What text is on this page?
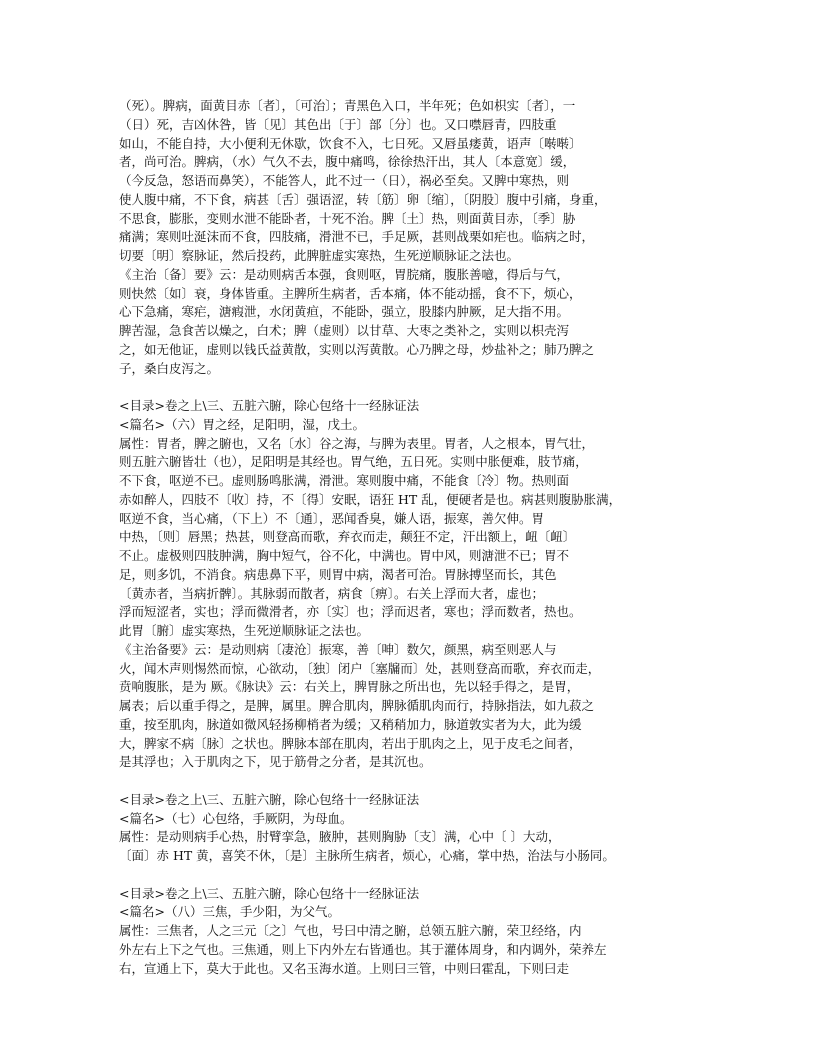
（死）。脾病，面黄目赤〔者〕，〔可治〕；青黑色入口，半年死；色如枳实〔者〕，一
（日）死，吉凶休咎，皆〔见〕其色出〔于〕部〔分〕也。又口噤唇青，四肢重
如山，不能自持，大小便利无休歇，饮食不入，七日死。又唇虽痿黄，语声〔啭啭〕
者，尚可治。脾病，（水）气久不去，腹中痛鸣，徐徐热汗出，其人〔本意宽〕缓，
（今反急，怒语而鼻笑），不能答人，此不过一（日），祸必至矣。又脾中寒热，则
使人腹中痛，不下食，病甚〔舌〕强语涩，转〔筋〕卵〔缩〕，〔阴股〕腹中引痛，身重，
不思食，膨胀，变则水泄不能卧者，十死不治。脾〔土〕热，则面黄目赤，〔季〕胁
痛满；寒则吐涎沫而不食，四肢痛，滑泄不已，手足厥，甚则战栗如疟也。临病之时，
切要〔明〕察脉证，然后投药，此脾脏虚实寒热，生死逆顺脉证之法也。
《主治〔备〕要》云：是动则病舌本强，食则呕，胃脘痛，腹胀善噫，得后与气，
则快然〔如〕衰，身体皆重。主脾所生病者，舌本痛，体不能动摇，食不下，烦心，
心下急痛，寒疟，溏瘕泄，水闭黄疸，不能卧，强立，股膝内肿厥，足大指不用。
脾苦湿，急食苦以燥之，白术；脾（虚则）以甘草、大枣之类补之，实则以枳壳泻
之，如无他证，虚则以钱氏益黄散，实则以泻黄散。心乃脾之母，炒盐补之；肺乃脾之
子，桑白皮泻之。
<目录>卷之上\三、五脏六腑，除心包络十一经脉证法
<篇名>（六）胃之经，足阳明，湿，戊土。
属性：胃者，脾之腑也，又名〔水〕谷之海，与脾为表里。胃者，人之根本，胃气壮，
则五脏六腑皆壮（也），足阳明是其经也。胃气绝，五日死。实则中胀便难，肢节痛，
不下食，呕逆不已。虚则肠鸣胀满，滑泄。寒则腹中痛，不能食〔冷〕物。热则面
赤如醉人，四肢不〔收〕持，不〔得〕安眠，语狂 HT 乱，便硬者是也。病甚则腹胁胀满，
呕逆不食，当心痛，（下上）不〔通〕，恶闻香臭，嫌人语，振寒，善欠伸。胃
中热，〔则〕唇黑；热甚，则登高而歌，弃衣而走，颠狂不定，汗出额上，衄〔衄〕
不止。虚极则四肢肿满，胸中短气，谷不化，中满也。胃中风，则溏泄不已；胃不
足，则多饥，不消食。病患鼻下平，则胃中病，渴者可治。胃脉搏坚而长，其色
〔黄赤者，当病折髀〕。其脉弱而散者，病食〔痹〕。右关上浮而大者，虚也；
浮而短涩者，实也；浮而微滑者，亦〔实〕也；浮而迟者，寒也；浮而数者，热也。
此胃〔腑〕虚实寒热，生死逆顺脉证之法也。
《主治备要》云：是动则病〔凄沧〕振寒，善〔呻〕数欠，颜黑，病至则恶人与
火，闻木声则惕然而惊，心欲动，〔独〕闭户〔塞牖而〕处，甚则登高而歌，弃衣而走，
贲响腹胀，是为 厥。《脉诀》云：右关上，脾胃脉之所出也，先以轻手得之，是胃，
属表；后以重手得之，是脾，属里。脾合肌肉，脾脉循肌肉而行，持脉指法，如九菽之
重，按至肌肉，脉道如微风轻扬柳梢者为缓；又稍稍加力，脉道敦实者为大，此为缓
大，脾家不病〔脉〕之状也。脾脉本部在肌肉，若出于肌肉之上，见于皮毛之间者，
是其浮也；入于肌肉之下，见于筋骨之分者，是其沉也。
<目录>卷之上\三、五脏六腑，除心包络十一经脉证法
<篇名>（七）心包络，手厥阴，为母血。
属性：是动则病手心热，肘臂挛急，腋肿，甚则胸胁〔支〕满，心中〔 〕大动，
〔面〕赤 HT 黄，喜笑不休，〔是〕主脉所生病者，烦心，心痛，掌中热，治法与小肠同。
<目录>卷之上\三、五脏六腑，除心包络十一经脉证法
<篇名>（八）三焦，手少阳，为父气。
属性：三焦者，人之三元〔之〕气也，号曰中清之腑，总领五脏六腑，荣卫经络，内
外左右上下之气也。三焦通，则上下内外左右皆通也。其于灌体周身，和内调外，荣养左
右，宣通上下，莫大于此也。又名玉海水道。上则曰三管，中则曰霍乱，下则曰走
